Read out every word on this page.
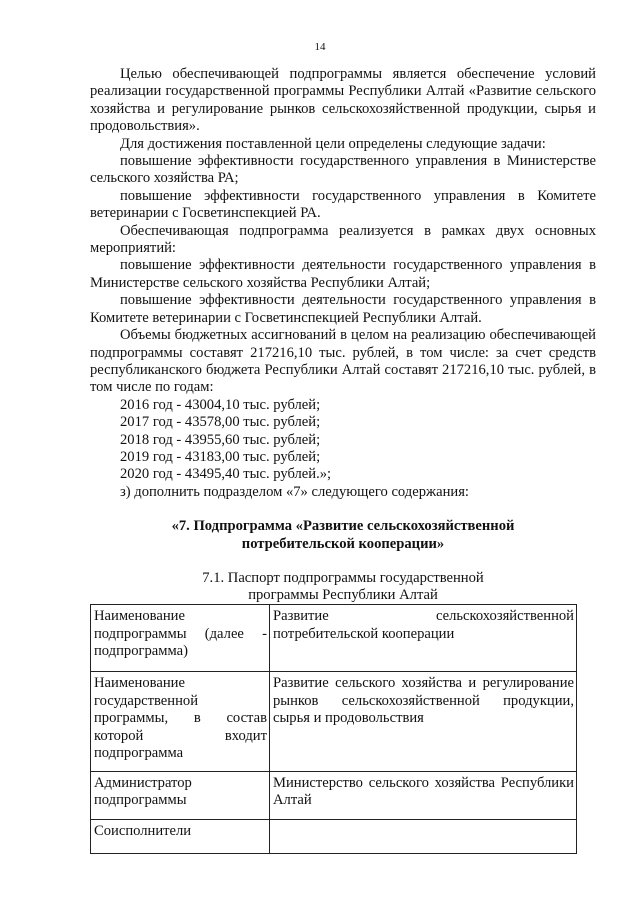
14

Целью обеспечивающей подпрограммы является обеспечение условий реализации государственной программы Республики Алтай «Развитие сельского хозяйства и регулирование рынков сельскохозяйственной продукции, сырья и продовольствия».

Для достижения поставленной цели определены следующие задачи:

повышение эффективности государственного управления в Министерстве сельского хозяйства РА;

повышение эффективности государственного управления в Комитете ветеринарии с Госветинспекцией РА.

Обеспечивающая подпрограмма реализуется в рамках двух основных мероприятий:

повышение эффективности деятельности государственного управления в Министерстве сельского хозяйства Республики Алтай;

повышение эффективности деятельности государственного управления в Комитете ветеринарии с Госветинспекцией Республики Алтай.

Объемы бюджетных ассигнований в целом на реализацию обеспечивающей подпрограммы составят 217216,10 тыс. рублей, в том числе: за счет средств республиканского бюджета Республики Алтай составят 217216,10 тыс. рублей, в том числе по годам:

2016 год - 43004,10 тыс. рублей;

2017 год - 43578,00 тыс. рублей;

2018 год - 43955,60 тыс. рублей;

2019 год - 43183,00 тыс. рублей;

2020 год - 43495,40 тыс. рублей.»;

з) дополнить подразделом «7» следующего содержания:

«7. Подпрограмма «Развитие сельскохозяйственной
потребительской кооперации»
7.1. Паспорт подпрограммы государственной
программы Республики Алтай
Наименование подпрограммы (далее - подпрограмма)	Развитие сельскохозяйственной потребительской кооперации
Наименование государственной программы, в состав которой входит подпрограмма	Развитие сельского хозяйства и регулирование рынков сельскохозяйственной продукции, сырья и продовольствия
Администратор подпрограммы	Министерство сельского хозяйства Республики Алтай
Соисполнители	
